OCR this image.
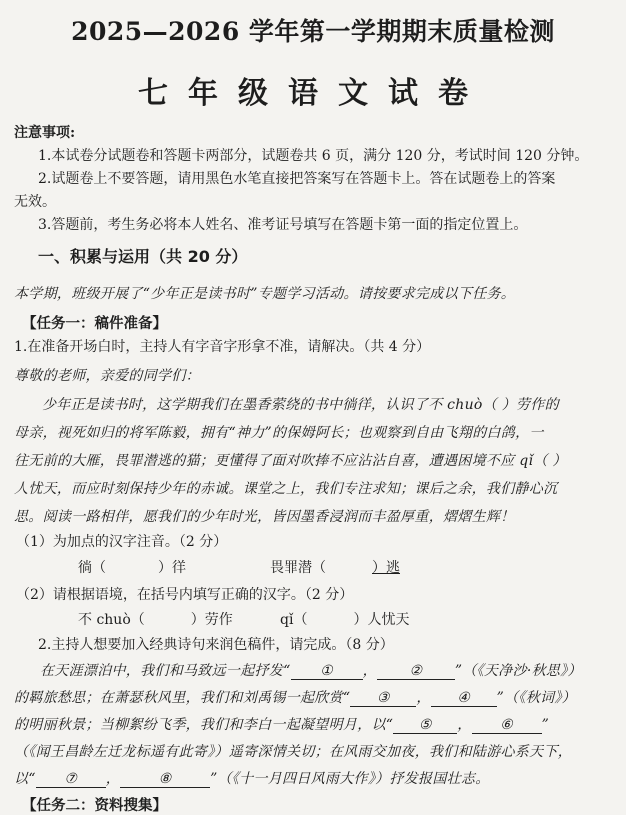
2025—2026 学年第一学期期末质量检测
七年级语文试卷
注意事项:
1.本试卷分试题卷和答题卡两部分，试题卷共 6 页，满分 120 分，考试时间 120 分钟。
2.试题卷上不要答题，请用黑色水笔直接把答案写在答题卡上。答在试题卷上的答案
无效。
3.答题前，考生务必将本人姓名、准考证号填写在答题卡第一面的指定位置上。
一、积累与运用（共 20 分）
本学期，班级开展了“少年正是读书时”专题学习活动。请按要求完成以下任务。
【任务一：稿件准备】
1.在准备开场白时，主持人有字音字形拿不准，请解决。（共 4 分）
尊敬的老师，亲爱的同学们：
少年正是读书时，这学期我们在墨香萦绕的书中徜徉，认识了不 chuò（ ）劳作的
母亲，视死如归的将军陈毅，拥有“神力”的保姆阿长；也观察到自由飞翔的白鸽，一
往无前的大雁，畏罪潜逃的猫；更懂得了面对吹捧不应沾沾自喜，遭遇困境不应 qǐ（ ）
人忧天，而应时刻保持少年的赤诚。课堂之上，我们专注求知；课后之余，我们静心沉
思。阅读一路相伴，愿我们的少年时光，皆因墨香浸润而丰盈厚重，熠熠生辉！
（1）为加点的汉字注音。（2 分）
徜（	）徉	畏罪潜（	）逃
（2）请根据语境，在括号内填写正确的汉字。（2 分）
不 chuò（	）劳作	qǐ（	）人忧天
2.主持人想要加入经典诗句来润色稿件，请完成。（8 分）
在天涯漂泊中，我们和马致远一起抒发“ ① ， ② ”（《天净沙·秋思》）
的羁旅愁思；在萧瑟秋风里，我们和刘禹锡一起欣赏“ ③ ， ④ ”（《秋词》）
的明丽秋景；当柳絮纷飞季，我们和李白一起凝望明月，以“ ⑤ ， ⑥ ”
（《闻王昌龄左迁龙标遥有此寄》）遥寄深情关切；在风雨交加夜，我们和陆游心系天下，
以“ ⑦ ，	⑧	”（《十一月四日风雨大作》）抒发报国壮志。
【任务二：资料搜集】
